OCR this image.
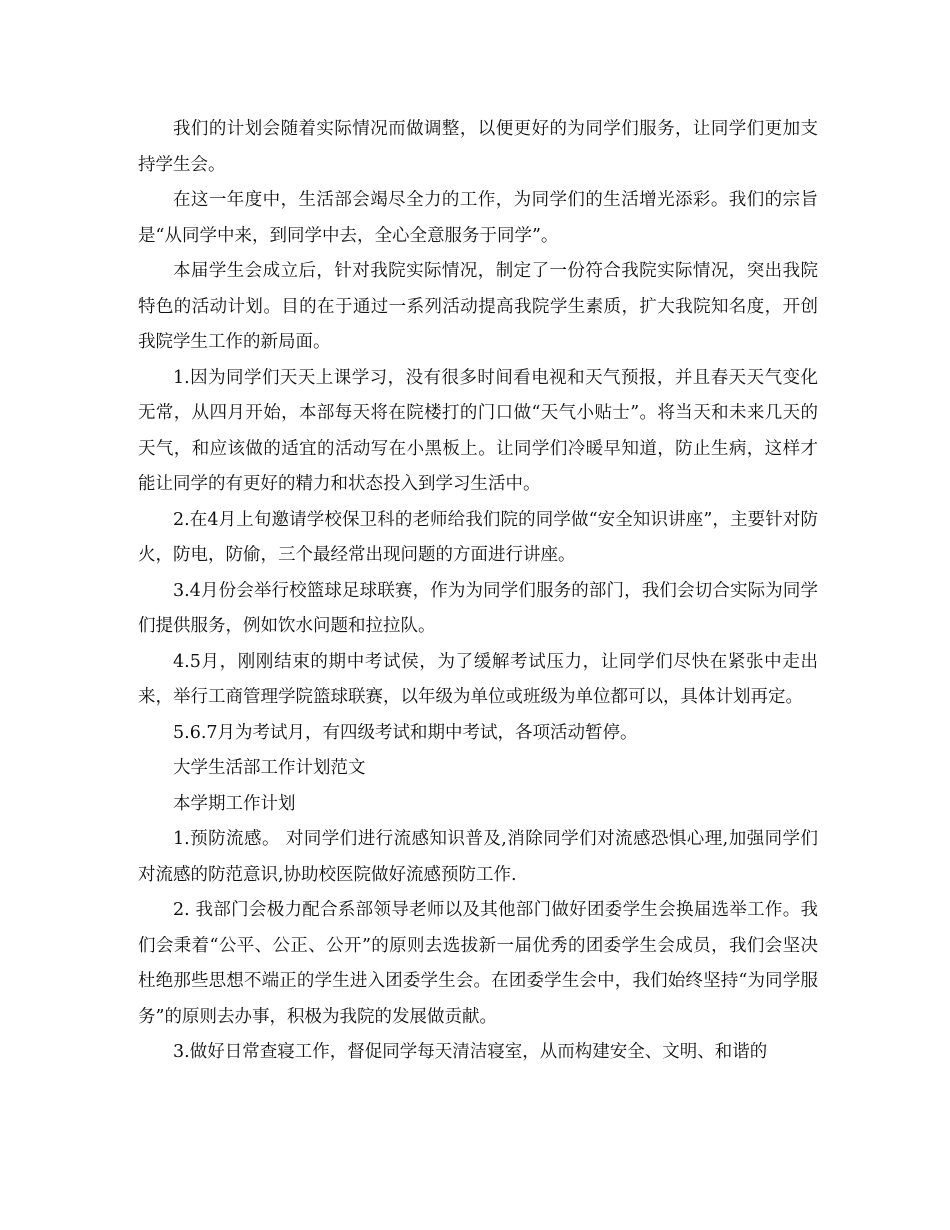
我们的计划会随着实际情况而做调整，以便更好的为同学们服务，让同学们更加支持学生会。

在这一年度中，生活部会竭尽全力的工作，为同学们的生活增光添彩。我们的宗旨是“从同学中来，到同学中去，全心全意服务于同学”。

本届学生会成立后，针对我院实际情况，制定了一份符合我院实际情况，突出我院特色的活动计划。目的在于通过一系列活动提高我院学生素质，扩大我院知名度，开创我院学生工作的新局面。

1.因为同学们天天上课学习，没有很多时间看电视和天气预报，并且春天天气变化无常，从四月开始，本部每天将在院楼打的门口做“天气小贴士”。将当天和未来几天的天气，和应该做的适宜的活动写在小黑板上。让同学们冷暖早知道，防止生病，这样才能让同学的有更好的精力和状态投入到学习生活中。

2.在4月上旬邀请学校保卫科的老师给我们院的同学做“安全知识讲座”，主要针对防火，防电，防偷，三个最经常出现问题的方面进行讲座。

3.4月份会举行校篮球足球联赛，作为为同学们服务的部门，我们会切合实际为同学们提供服务，例如饮水问题和拉拉队。

4.5月，刚刚结束的期中考试侯，为了缓解考试压力，让同学们尽快在紧张中走出来，举行工商管理学院篮球联赛，以年级为单位或班级为单位都可以，具体计划再定。

5.6.7月为考试月，有四级考试和期中考试，各项活动暂停。

大学生活部工作计划范文

本学期工作计划

1.预防流感。 对同学们进行流感知识普及,消除同学们对流感恐惧心理,加强同学们对流感的防范意识,协助校医院做好流感预防工作.

2. 我部门会极力配合系部领导老师以及其他部门做好团委学生会换届选举工作。我们会秉着“公平、公正、公开”的原则去选拔新一届优秀的团委学生会成员，我们会坚决杜绝那些思想不端正的学生进入团委学生会。在团委学生会中，我们始终坚持“为同学服务”的原则去办事，积极为我院的发展做贡献。

3.做好日常查寝工作，督促同学每天清洁寝室，从而构建安全、文明、和谐的
